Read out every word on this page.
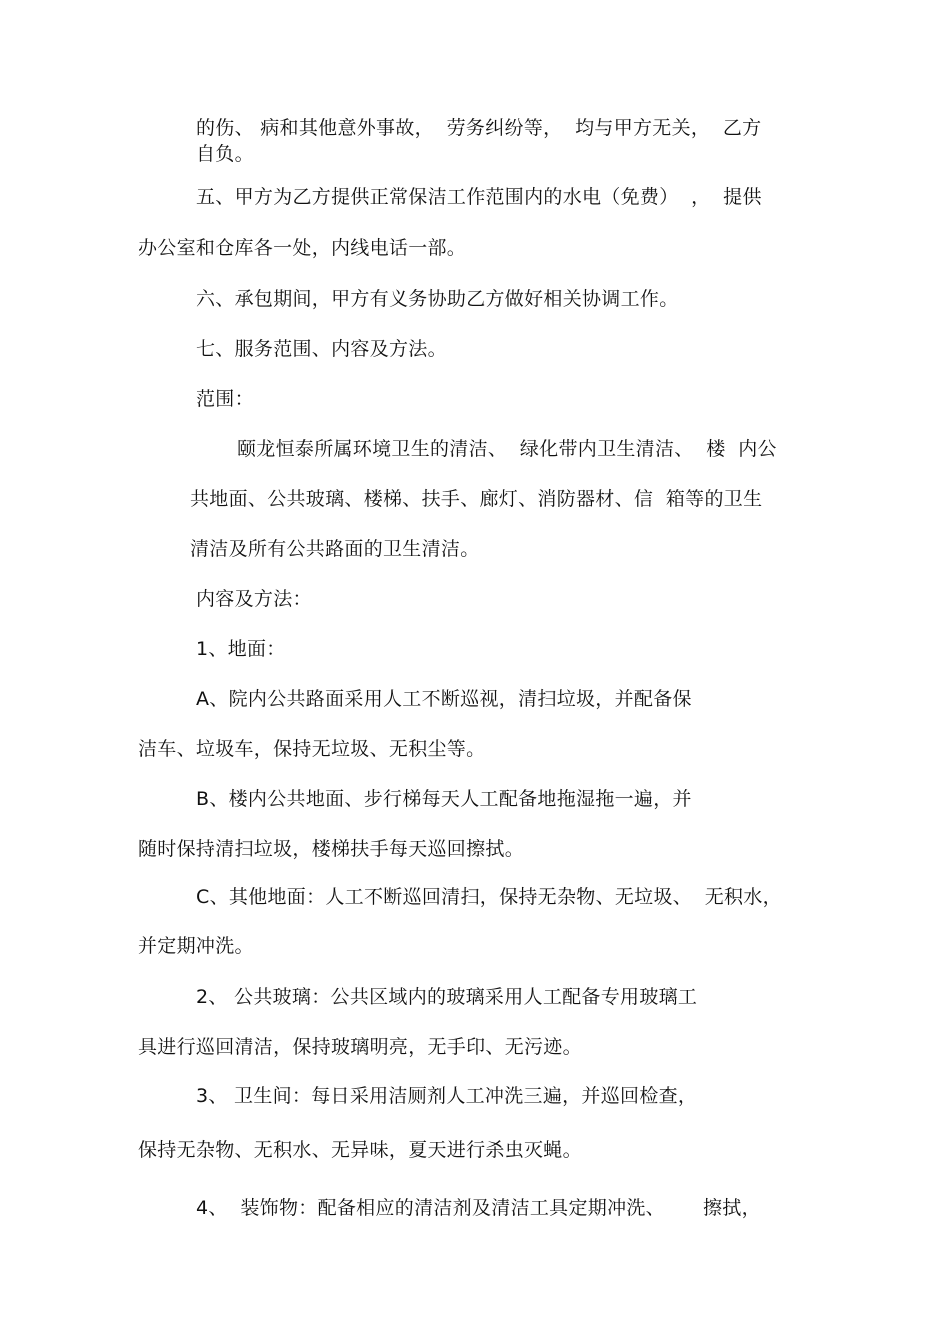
的伤、 病和其他意外事故，  劳务纠纷等，  均与甲方无关，  乙方
自负。
五、甲方为乙方提供正常保洁工作范围内的水电（免费）  ，  提供
办公室和仓库各一处，内线电话一部。
六、承包期间，甲方有义务协助乙方做好相关协调工作。
七、服务范围、内容及方法。
范围：
颐龙恒泰所属环境卫生的清洁、  绿化带内卫生清洁、  楼  内公
共地面、公共玻璃、楼梯、扶手、廊灯、消防器材、信  箱等的卫生
清洁及所有公共路面的卫生清洁。
内容及方法：
1、地面：
A、院内公共路面采用人工不断巡视，清扫垃圾，并配备保
洁车、垃圾车，保持无垃圾、无积尘等。
B、楼内公共地面、步行梯每天人工配备地拖湿拖一遍，并
随时保持清扫垃圾，楼梯扶手每天巡回擦拭。
C、其他地面：人工不断巡回清扫，保持无杂物、无垃圾、  无积水，
并定期冲洗。
2、 公共玻璃：公共区域内的玻璃采用人工配备专用玻璃工
具进行巡回清洁，保持玻璃明亮，无手印、无污迹。
3、 卫生间：每日采用洁厕剂人工冲洗三遍，并巡回检查，
保持无杂物、无积水、无异味，夏天进行杀虫灭蝇。
4、  装饰物：配备相应的清洁剂及清洁工具定期冲洗、      擦拭，
